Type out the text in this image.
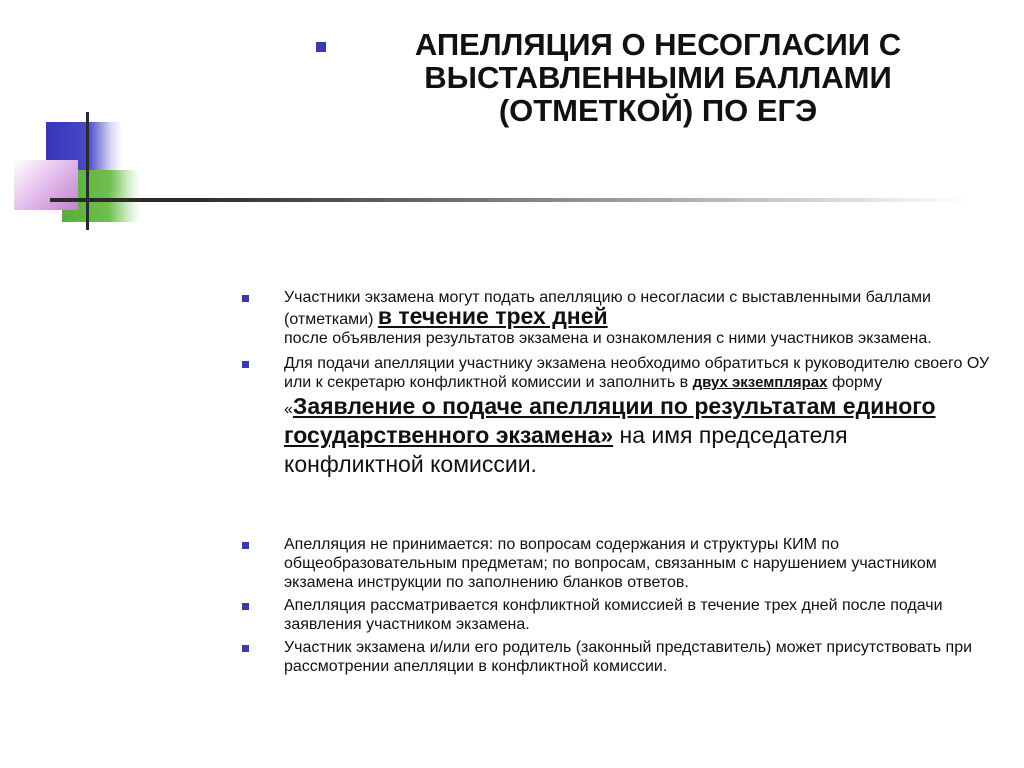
АПЕЛЛЯЦИЯ О НЕСОГЛАСИИ С ВЫСТАВЛЕННЫМИ БАЛЛАМИ (ОТМЕТКОЙ) ПО ЕГЭ
Участники экзамена могут подать апелляцию о несогласии с выставленными баллами (отметками) в течение трех дней
после объявления результатов экзамена и ознакомления с ними участников экзамена.
Для подачи апелляции участнику экзамена необходимо обратиться к руководителю своего ОУ или к секретарю конфликтной комиссии и заполнить в двух экземплярах форму «Заявление о подаче апелляции по результатам единого государственного экзамена» на имя председателя конфликтной комиссии.
Апелляция не принимается: по вопросам содержания и структуры КИМ по общеобразовательным предметам; по вопросам, связанным с нарушением участником экзамена инструкции по заполнению бланков ответов.
Апелляция рассматривается конфликтной комиссией в течение трех дней после подачи заявления участником экзамена.
Участник экзамена и/или его родитель (законный представитель) может присутствовать при рассмотрении апелляции в конфликтной комиссии.
